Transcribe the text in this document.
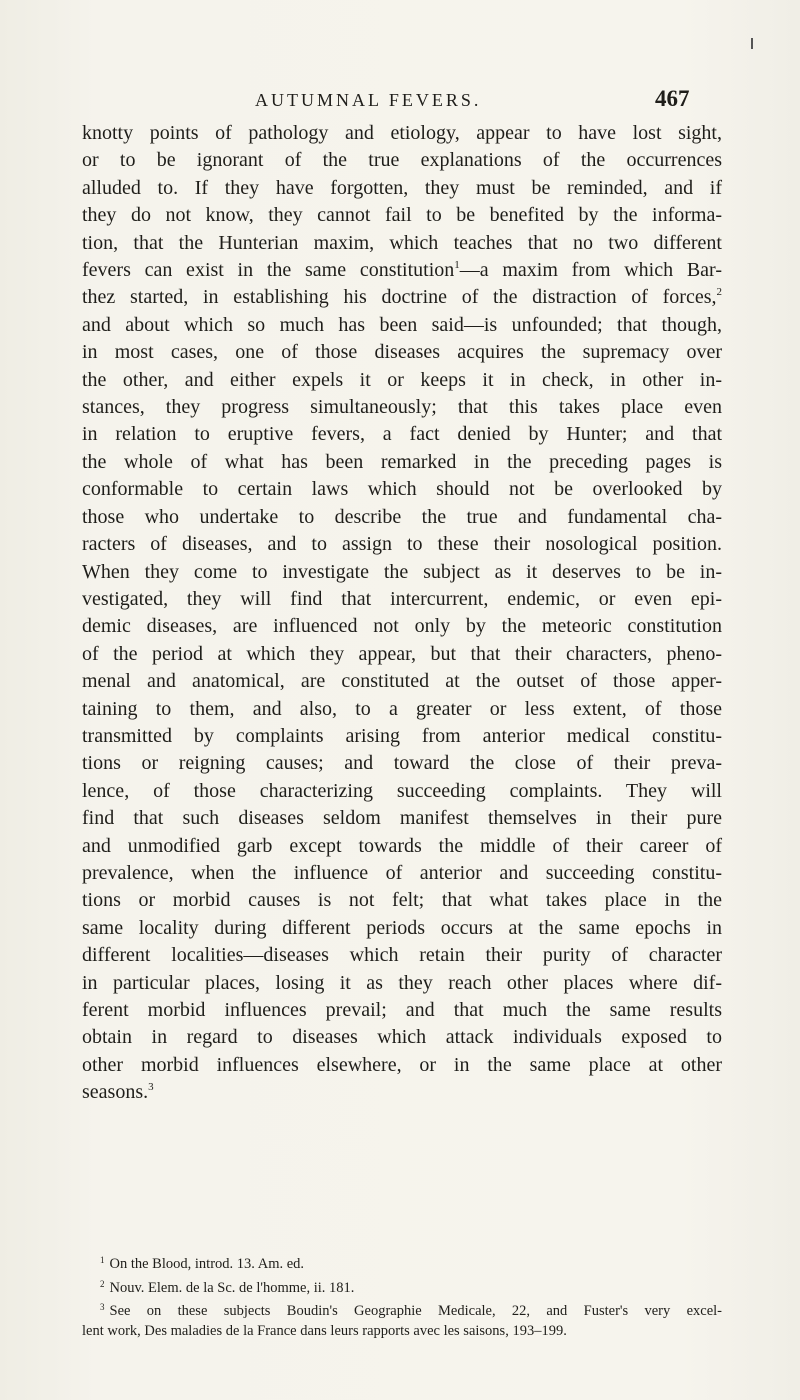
AUTUMNAL FEVERS.	467
knotty points of pathology and etiology, appear to have lost sight,
or to be ignorant of the true explanations of the occurrences
alluded to. If they have forgotten, they must be reminded, and if
they do not know, they cannot fail to be benefited by the informa-
tion, that the Hunterian maxim, which teaches that no two different
fevers can exist in the same constitution$^1$—a maxim from which Bar-
thez started, in establishing his doctrine of the distraction of forces,$^2$
and about which so much has been said—is unfounded; that though,
in most cases, one of those diseases acquires the supremacy over
the other, and either expels it or keeps it in check, in other in-
stances, they progress simultaneously; that this takes place even
in relation to eruptive fevers, a fact denied by Hunter; and that
the whole of what has been remarked in the preceding pages is
conformable to certain laws which should not be overlooked by
those who undertake to describe the true and fundamental cha-
racters of diseases, and to assign to these their nosological position.
When they come to investigate the subject as it deserves to be in-
vestigated, they will find that intercurrent, endemic, or even epi-
demic diseases, are influenced not only by the meteoric constitution
of the period at which they appear, but that their characters, pheno-
menal and anatomical, are constituted at the outset of those apper-
taining to them, and also, to a greater or less extent, of those
transmitted by complaints arising from anterior medical constitu-
tions or reigning causes; and toward the close of their preva-
lence, of those characterizing succeeding complaints. They will
find that such diseases seldom manifest themselves in their pure
and unmodified garb except towards the middle of their career of
prevalence, when the influence of anterior and succeeding constitu-
tions or morbid causes is not felt; that what takes place in the
same locality during different periods occurs at the same epochs in
different localities—diseases which retain their purity of character
in particular places, losing it as they reach other places where dif-
ferent morbid influences prevail; and that much the same results
obtain in regard to diseases which attack individuals exposed to
other morbid influences elsewhere, or in the same place at other
seasons.$^3$
$^1$ On the Blood, introd. 13. Am. ed.
$^2$ Nouv. Elem. de la Sc. de l'homme, ii. 181.
$^3$ See on these subjects Boudin's Geographie Medicale, 22, and Fuster's very excel-
lent work, Des maladies de la France dans leurs rapports avec les saisons, 193–199.
